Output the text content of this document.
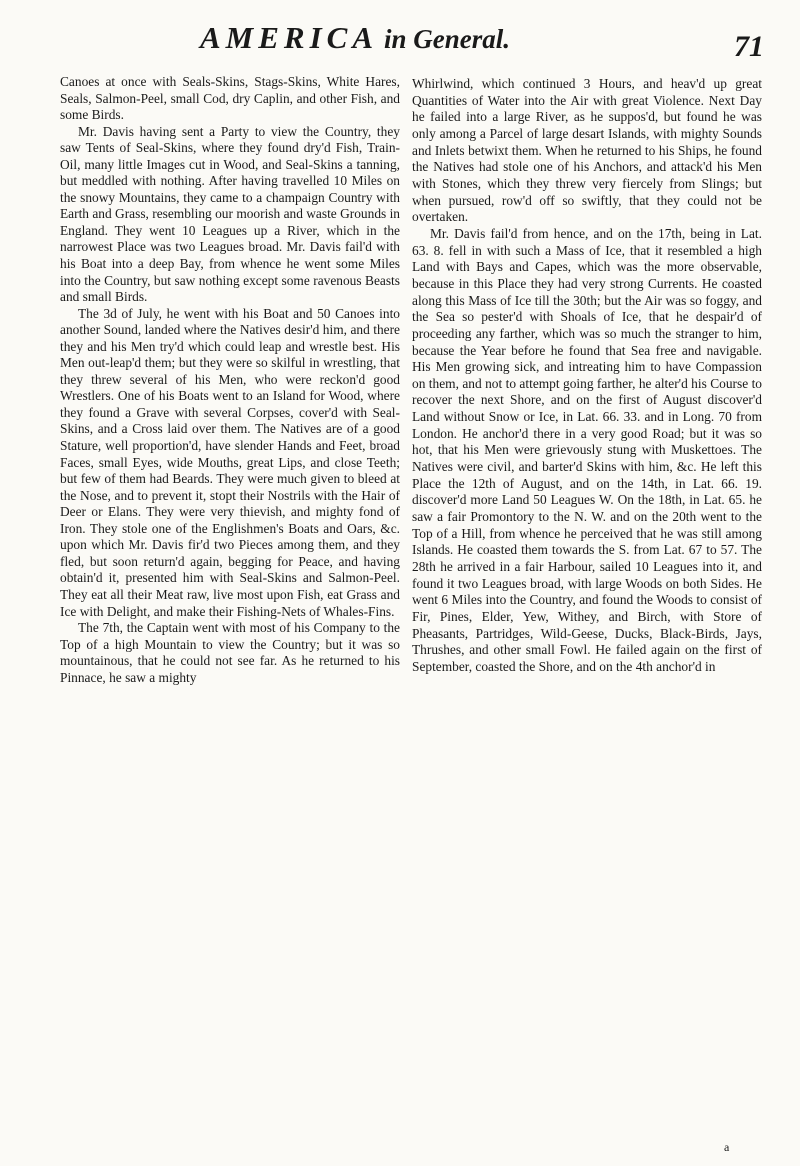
AMERICA in General.	71

Canoes at once with Seals-Skins, Stags-Skins, White Hares, Seals, Salmon-Peel, small Cod, dry Caplin, and other Fish, and some Birds.

Mr. Davis having sent a Party to view the Country, they saw Tents of Seal-Skins, where they found dry'd Fish, Train-Oil, many little Images cut in Wood, and Seal-Skins a tanning, but meddled with nothing. After having travelled 10 Miles on the snowy Mountains, they came to a champaign Country with Earth and Grass, resembling our moorish and waste Grounds in England. They went 10 Leagues up a River, which in the narrowest Place was two Leagues broad. Mr. Davis fail'd with his Boat into a deep Bay, from whence he went some Miles into the Country, but saw nothing except some ravenous Beasts and small Birds.

The 3d of July, he went with his Boat and 50 Canoes into another Sound, landed where the Natives desir'd him, and there they and his Men try'd which could leap and wrestle best. His Men out-leap'd them; but they were so skilful in wrestling, that they threw several of his Men, who were reckon'd good Wrestlers. One of his Boats went to an Island for Wood, where they found a Grave with several Corpses, cover'd with Seal-Skins, and a Cross laid over them. The Natives are of a good Stature, well proportion'd, have slender Hands and Feet, broad Faces, small Eyes, wide Mouths, great Lips, and close Teeth; but few of them had Beards. They were much given to bleed at the Nose, and to prevent it, stopt their Nostrils with the Hair of Deer or Elans. They were very thievish, and mighty fond of Iron. They stole one of the Englishmen's Boats and Oars, &c. upon which Mr. Davis fir'd two Pieces among them, and they fled, but soon return'd again, begging for Peace, and having obtain'd it, presented him with Seal-Skins and Salmon-Peel. They eat all their Meat raw, live most upon Fish, eat Grass and Ice with Delight, and make their Fishing-Nets of Whales-Fins.

The 7th, the Captain went with most of his Company to the Top of a high Mountain to view the Country; but it was so mountainous, that he could not see far. As he returned to his Pinnace, he saw a mighty

Whirlwind, which continued 3 Hours, and heav'd up great Quantities of Water into the Air with great Violence. Next Day he failed into a large River, as he suppos'd, but found he was only among a Parcel of large desart Islands, with mighty Sounds and Inlets betwixt them. When he returned to his Ships, he found the Natives had stole one of his Anchors, and attack'd his Men with Stones, which they threw very fiercely from Slings; but when pursued, row'd off so swiftly, that they could not be overtaken.

Mr. Davis fail'd from hence, and on the 17th, being in Lat. 63. 8. fell in with such a Mass of Ice, that it resembled a high Land with Bays and Capes, which was the more observable, because in this Place they had very strong Currents. He coasted along this Mass of Ice till the 30th; but the Air was so foggy, and the Sea so pester'd with Shoals of Ice, that he despair'd of proceeding any farther, which was so much the stranger to him, because the Year before he found that Sea free and navigable. His Men growing sick, and intreating him to have Compassion on them, and not to attempt going farther, he alter'd his Course to recover the next Shore, and on the first of August discover'd Land without Snow or Ice, in Lat. 66. 33. and in Long. 70 from London. He anchor'd there in a very good Road; but it was so hot, that his Men were grievously stung with Muskettoes. The Natives were civil, and barter'd Skins with him, &c. He left this Place the 12th of August, and on the 14th, in Lat. 66. 19. discover'd more Land 50 Leagues W. On the 18th, in Lat. 65. he saw a fair Promontory to the N. W. and on the 20th went to the Top of a Hill, from whence he perceived that he was still among Islands. He coasted them towards the S. from Lat. 67 to 57. The 28th he arrived in a fair Harbour, sailed 10 Leagues into it, and found it two Leagues broad, with large Woods on both Sides. He went 6 Miles into the Country, and found the Woods to consist of Fir, Pines, Elder, Yew, Withey, and Birch, with Store of Pheasants, Partridges, Wild-Geese, Ducks, Black-Birds, Jays, Thrushes, and other small Fowl. He failed again on the first of September, coasted the Shore, and on the 4th anchor'd in

a
